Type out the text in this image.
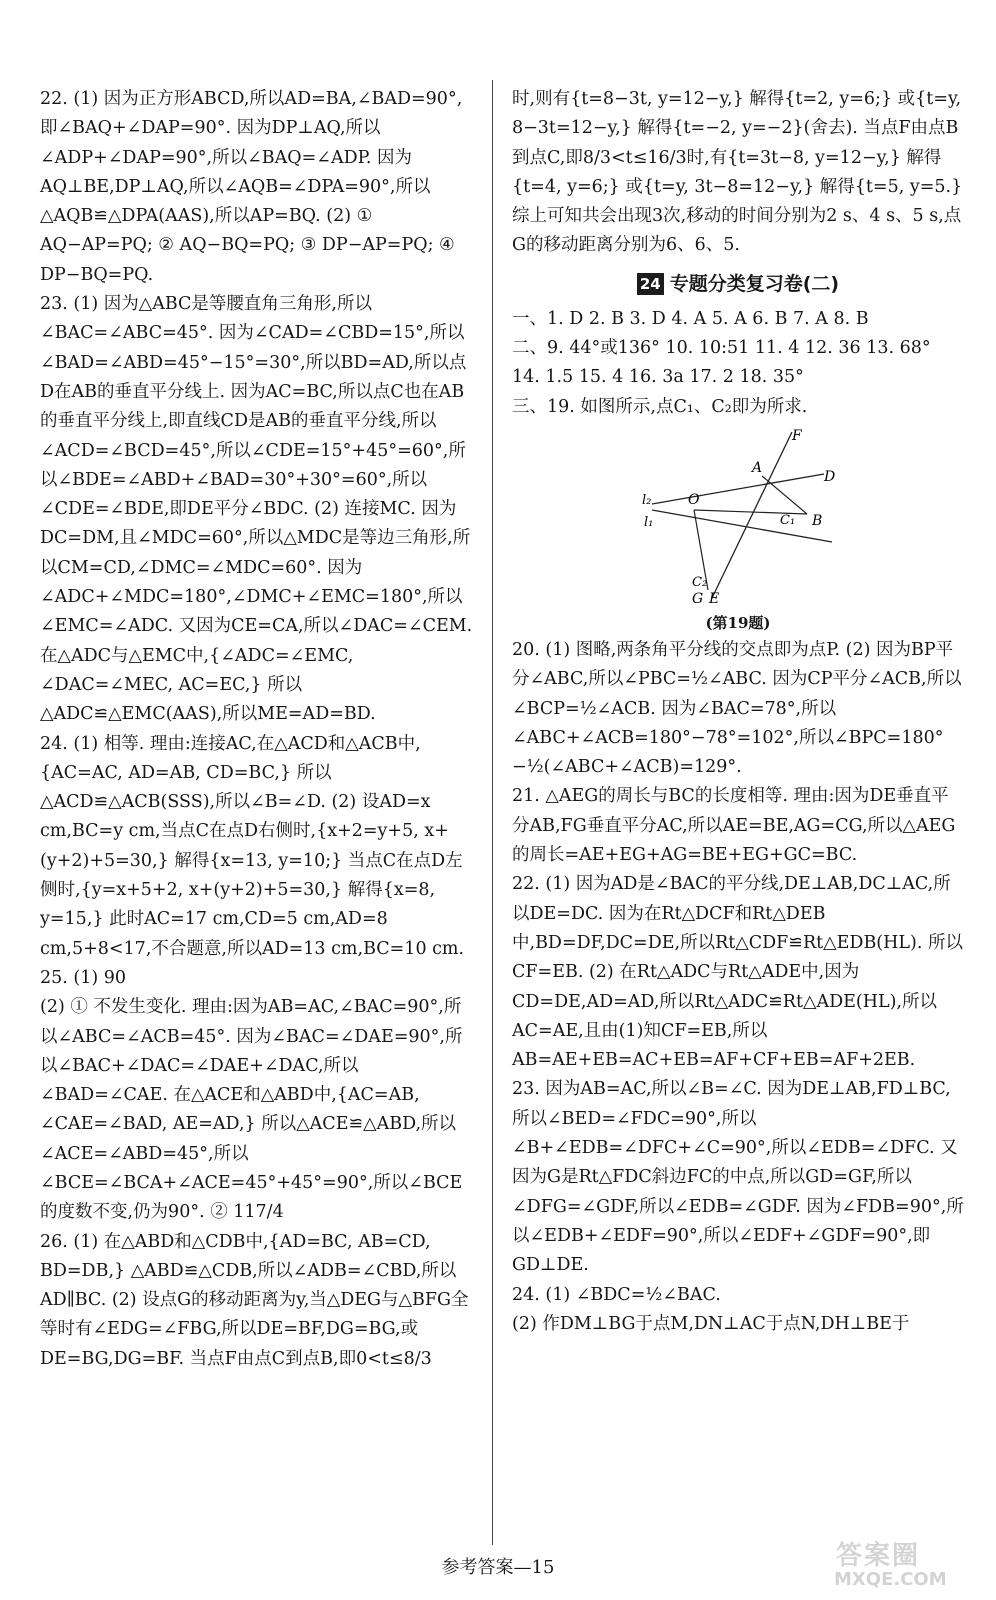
22. (1) 因为正方形ABCD,所以AD=BA,∠BAD=90°,即∠BAQ+∠DAP=90°. 因为DP⊥AQ,所以∠ADP+∠DAP=90°,所以∠BAQ=∠ADP. 因为AQ⊥BE,DP⊥AQ,所以∠AQB=∠DPA=90°,所以△AQB≌△DPA(AAS),所以AP=BQ. (2) ① AQ−AP=PQ; ② AQ−BQ=PQ; ③ DP−AP=PQ; ④ DP−BQ=PQ.

23. (1) 因为△ABC是等腰直角三角形,所以∠BAC=∠ABC=45°. 因为∠CAD=∠CBD=15°,所以∠BAD=∠ABD=45°−15°=30°,所以BD=AD,所以点D在AB的垂直平分线上. 因为AC=BC,所以点C也在AB的垂直平分线上,即直线CD是AB的垂直平分线,所以∠ACD=∠BCD=45°,所以∠CDE=15°+45°=60°,所以∠BDE=∠ABD+∠BAD=30°+30°=60°,所以∠CDE=∠BDE,即DE平分∠BDC. (2) 连接MC. 因为DC=DM,且∠MDC=60°,所以△MDC是等边三角形,所以CM=CD,∠DMC=∠MDC=60°. 因为∠ADC+∠MDC=180°,∠DMC+∠EMC=180°,所以∠EMC=∠ADC. 又因为CE=CA,所以∠DAC=∠CEM. 在△ADC与△EMC中,{∠ADC=∠EMC, ∠DAC=∠MEC, AC=EC,} 所以△ADC≌△EMC(AAS),所以ME=AD=BD.

24. (1) 相等. 理由:连接AC,在△ACD和△ACB中,{AC=AC, AD=AB, CD=BC,} 所以△ACD≌△ACB(SSS),所以∠B=∠D. (2) 设AD=x cm,BC=y cm,当点C在点D右侧时,{x+2=y+5, x+(y+2)+5=30,} 解得{x=13, y=10;} 当点C在点D左侧时,{y=x+5+2, x+(y+2)+5=30,} 解得{x=8, y=15,} 此时AC=17 cm,CD=5 cm,AD=8 cm,5+8<17,不合题意,所以AD=13 cm,BC=10 cm.

25. (1) 90

(2) ① 不发生变化. 理由:因为AB=AC,∠BAC=90°,所以∠ABC=∠ACB=45°. 因为∠BAC=∠DAE=90°,所以∠BAC+∠DAC=∠DAE+∠DAC,所以∠BAD=∠CAE. 在△ACE和△ABD中,{AC=AB, ∠CAE=∠BAD, AE=AD,} 所以△ACE≌△ABD,所以∠ACE=∠ABD=45°,所以∠BCE=∠BCA+∠ACE=45°+45°=90°,所以∠BCE的度数不变,仍为90°. ② 117/4

26. (1) 在△ABD和△CDB中,{AD=BC, AB=CD, BD=DB,} △ABD≌△CDB,所以∠ADB=∠CBD,所以AD∥BC. (2) 设点G的移动距离为y,当△DEG与△BFG全等时有∠EDG=∠FBG,所以DE=BF,DG=BG,或DE=BG,DG=BF. 当点F由点C到点B,即0<t≤8/3

时,则有{t=8−3t, y=12−y,} 解得{t=2, y=6;} 或{t=y, 8−3t=12−y,} 解得{t=−2, y=−2}(舍去). 当点F由点B到点C,即8/3<t≤16/3时,有{t=3t−8, y=12−y,} 解得{t=4, y=6;} 或{t=y, 3t−8=12−y,} 解得{t=5, y=5.} 综上可知共会出现3次,移动的时间分别为2 s、4 s、5 s,点G的移动距离分别为6、6、5.

24 专题分类复习卷(二)

一、1. D 2. B 3. D 4. A 5. A 6. B 7. A 8. B

二、9. 44°或136° 10. 10:51 11. 4 12. 36 13. 68°

14. 1.5 15. 4 16. 3a 17. 2 18. 35°

三、19. 如图所示,点C₁、C₂即为所求.

F
A
D
l₂	O
C₁ B
l₁
C₂
G E
(第19题)

20. (1) 图略,两条角平分线的交点即为点P. (2) 因为BP平分∠ABC,所以∠PBC=½∠ABC. 因为CP平分∠ACB,所以∠BCP=½∠ACB. 因为∠BAC=78°,所以∠ABC+∠ACB=180°−78°=102°,所以∠BPC=180°−½(∠ABC+∠ACB)=129°.

21. △AEG的周长与BC的长度相等. 理由:因为DE垂直平分AB,FG垂直平分AC,所以AE=BE,AG=CG,所以△AEG的周长=AE+EG+AG=BE+EG+GC=BC.

22. (1) 因为AD是∠BAC的平分线,DE⊥AB,DC⊥AC,所以DE=DC. 因为在Rt△DCF和Rt△DEB中,BD=DF,DC=DE,所以Rt△CDF≌Rt△EDB(HL). 所以CF=EB. (2) 在Rt△ADC与Rt△ADE中,因为CD=DE,AD=AD,所以Rt△ADC≌Rt△ADE(HL),所以AC=AE,且由(1)知CF=EB,所以AB=AE+EB=AC+EB=AF+CF+EB=AF+2EB.

23. 因为AB=AC,所以∠B=∠C. 因为DE⊥AB,FD⊥BC,所以∠BED=∠FDC=90°,所以∠B+∠EDB=∠DFC+∠C=90°,所以∠EDB=∠DFC. 又因为G是Rt△FDC斜边FC的中点,所以GD=GF,所以∠DFG=∠GDF,所以∠EDB=∠GDF. 因为∠FDB=90°,所以∠EDB+∠EDF=90°,所以∠EDF+∠GDF=90°,即GD⊥DE.

24. (1) ∠BDC=½∠BAC.

(2) 作DM⊥BG于点M,DN⊥AC于点N,DH⊥BE于

参考答案—15	答案圈
MXQE.COM
